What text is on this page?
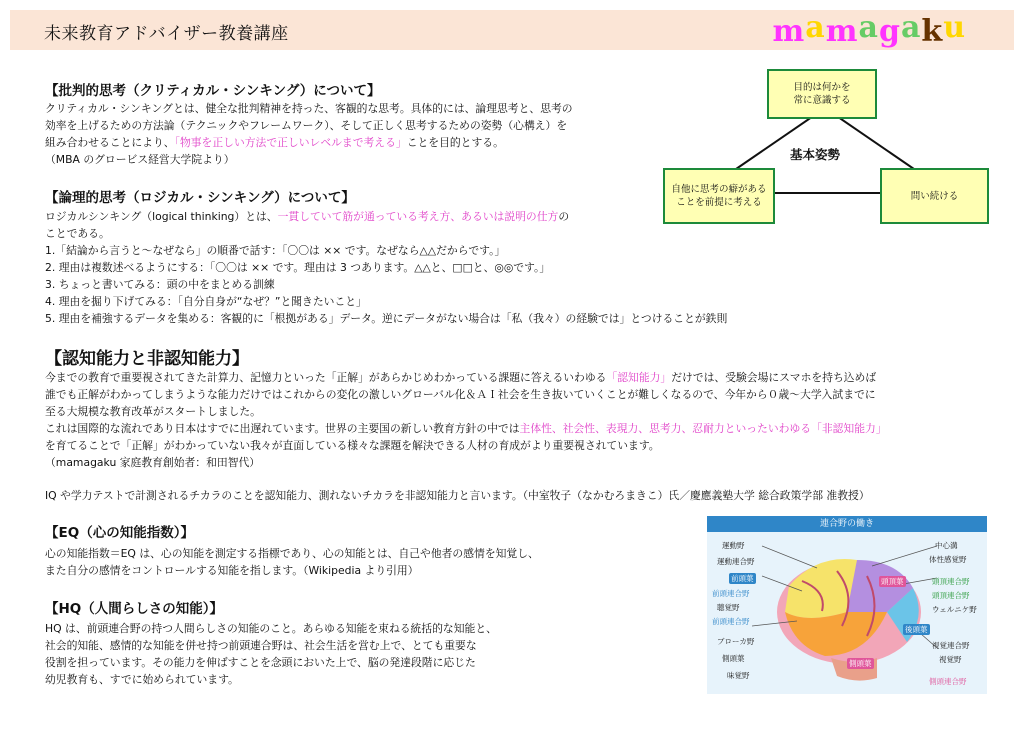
未来教育アドバイザー教養講座	mamagaku
【批判的思考（クリティカル・シンキング）について】
クリティカル・シンキングとは、健全な批判精神を持った、客観的な思考。具体的には、論理思考と、思考の
効率を上げるための方法論（テクニックやフレームワーク）、そして正しく思考するための姿勢（心構え）を
組み合わせることにより、「物事を正しい方法で正しいレベルまで考える」ことを目的とする。
（MBA のグロービス経営大学院より）
目的は何かを
常に意識する
自他に思考の癖がある
ことを前提に考える
問い続ける
基本姿勢
【論理的思考（ロジカル・シンキング）について】
ロジカルシンキング（logical thinking）とは、一貫していて筋が通っている考え方、あるいは説明の仕方の
ことである。
1.「結論から言うと～なぜなら」の順番で話す：「〇〇は ×× です。なぜなら△△だからです。」
2. 理由は複数述べるようにする：「〇〇は ×× です。理由は 3 つあります。△△と、□□と、◎◎です。」
3. ちょっと書いてみる：頭の中をまとめる訓練
4. 理由を掘り下げてみる：「自分自身が“なぜ？”と聞きたいこと」
5. 理由を補強するデータを集める：客観的に「根拠がある」データ。逆にデータがない場合は「私（我々）の経験では」とつけることが鉄則
【認知能力と非認知能力】
今までの教育で重要視されてきた計算力、記憶力といった「正解」があらかじめわかっている課題に答えるいわゆる「認知能力」だけでは、受験会場にスマホを持ち込めば
誰でも正解がわかってしまうような能力だけではこれからの変化の激しいグローバル化＆ＡＩ社会を生き抜いていくことが難しくなるので、今年から０歳〜大学入試までに
至る大規模な教育改革がスタートしました。
これは国際的な流れであり日本はすでに出遅れています。世界の主要国の新しい教育方針の中では主体性、社会性、表現力、思考力、忍耐力といったいわゆる「非認知能力」
を育てることで「正解」がわかっていない我々が直面している様々な課題を解決できる人材の育成がより重要視されています。
（mamagaku 家庭教育創始者：和田智代）
IQ や学力テストで計測されるチカラのことを認知能力、測れないチカラを非認知能力と言います。（中室牧子（なかむろまきこ）氏／慶應義塾大学 総合政策学部 准教授）
【EQ（心の知能指数）】
心の知能指数＝EQ は、心の知能を測定する指標であり、心の知能とは、自己や他者の感情を知覚し、
また自分の感情をコントロールする知能を指します。（Wikipedia より引用）
【HQ（人間らしさの知能）】
HQ は、前頭連合野の持つ人間らしさの知能のこと。あらゆる知能を束ねる統括的な知能と、
社会的知能、感情的な知能を併せ持つ前頭連合野は、社会生活を営む上で、とても重要な
役割を担っています。その能力を伸ばすことを念頭においた上で、脳の発達段階に応じた
幼児教育も、すでに始められています。
連合野の働き
運動野
運動連合野
前頭葉
前頭連合野
聴覚野
前頭連合野
ブローカ野
側頭葉
味覚野
中心溝
体性感覚野
頭頂葉	頭頂連合野
頭頂連合野
ウェルニケ野
後頭葉
視覚連合野
視覚野
側頭葉
側頭連合野
